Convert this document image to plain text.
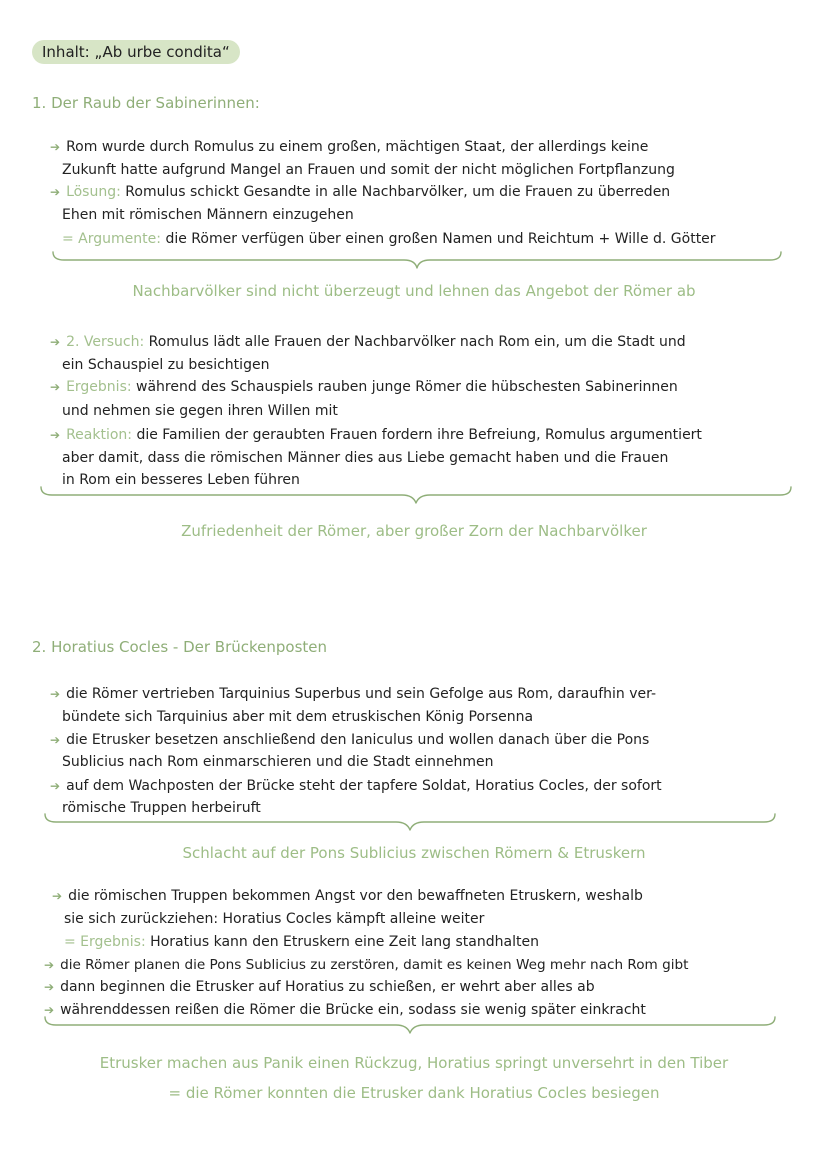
Inhalt: „Ab urbe condita“
1. Der Raub der Sabinerinnen:
➔ Rom wurde durch Romulus zu einem großen, mächtigen Staat, der allerdings keine
Zukunft hatte aufgrund Mangel an Frauen und somit der nicht möglichen Fortpflanzung
➔ Lösung: Romulus schickt Gesandte in alle Nachbarvölker, um die Frauen zu überreden
Ehen mit römischen Männern einzugehen
= Argumente: die Römer verfügen über einen großen Namen und Reichtum + Wille d. Götter
Nachbarvölker sind nicht überzeugt und lehnen das Angebot der Römer ab
➔ 2. Versuch: Romulus lädt alle Frauen der Nachbarvölker nach Rom ein, um die Stadt und
ein Schauspiel zu besichtigen
➔ Ergebnis: während des Schauspiels rauben junge Römer die hübschesten Sabinerinnen
und nehmen sie gegen ihren Willen mit
➔ Reaktion: die Familien der geraubten Frauen fordern ihre Befreiung, Romulus argumentiert
aber damit, dass die römischen Männer dies aus Liebe gemacht haben und die Frauen
in Rom ein besseres Leben führen
Zufriedenheit der Römer, aber großer Zorn der Nachbarvölker
2. Horatius Cocles - Der Brückenposten
➔ die Römer vertrieben Tarquinius Superbus und sein Gefolge aus Rom, daraufhin ver-
bündete sich Tarquinius aber mit dem etruskischen König Porsenna
➔ die Etrusker besetzen anschließend den Ianiculus und wollen danach über die Pons
Sublicius nach Rom einmarschieren und die Stadt einnehmen
➔ auf dem Wachposten der Brücke steht der tapfere Soldat, Horatius Cocles, der sofort
römische Truppen herbeiruft
Schlacht auf der Pons Sublicius zwischen Römern & Etruskern
➔ die römischen Truppen bekommen Angst vor den bewaffneten Etruskern, weshalb
sie sich zurückziehen: Horatius Cocles kämpft alleine weiter
= Ergebnis: Horatius kann den Etruskern eine Zeit lang standhalten
➔ die Römer planen die Pons Sublicius zu zerstören, damit es keinen Weg mehr nach Rom gibt
➔ dann beginnen die Etrusker auf Horatius zu schießen, er wehrt aber alles ab
➔ währenddessen reißen die Römer die Brücke ein, sodass sie wenig später einkracht
Etrusker machen aus Panik einen Rückzug, Horatius springt unversehrt in den Tiber
= die Römer konnten die Etrusker dank Horatius Cocles besiegen
